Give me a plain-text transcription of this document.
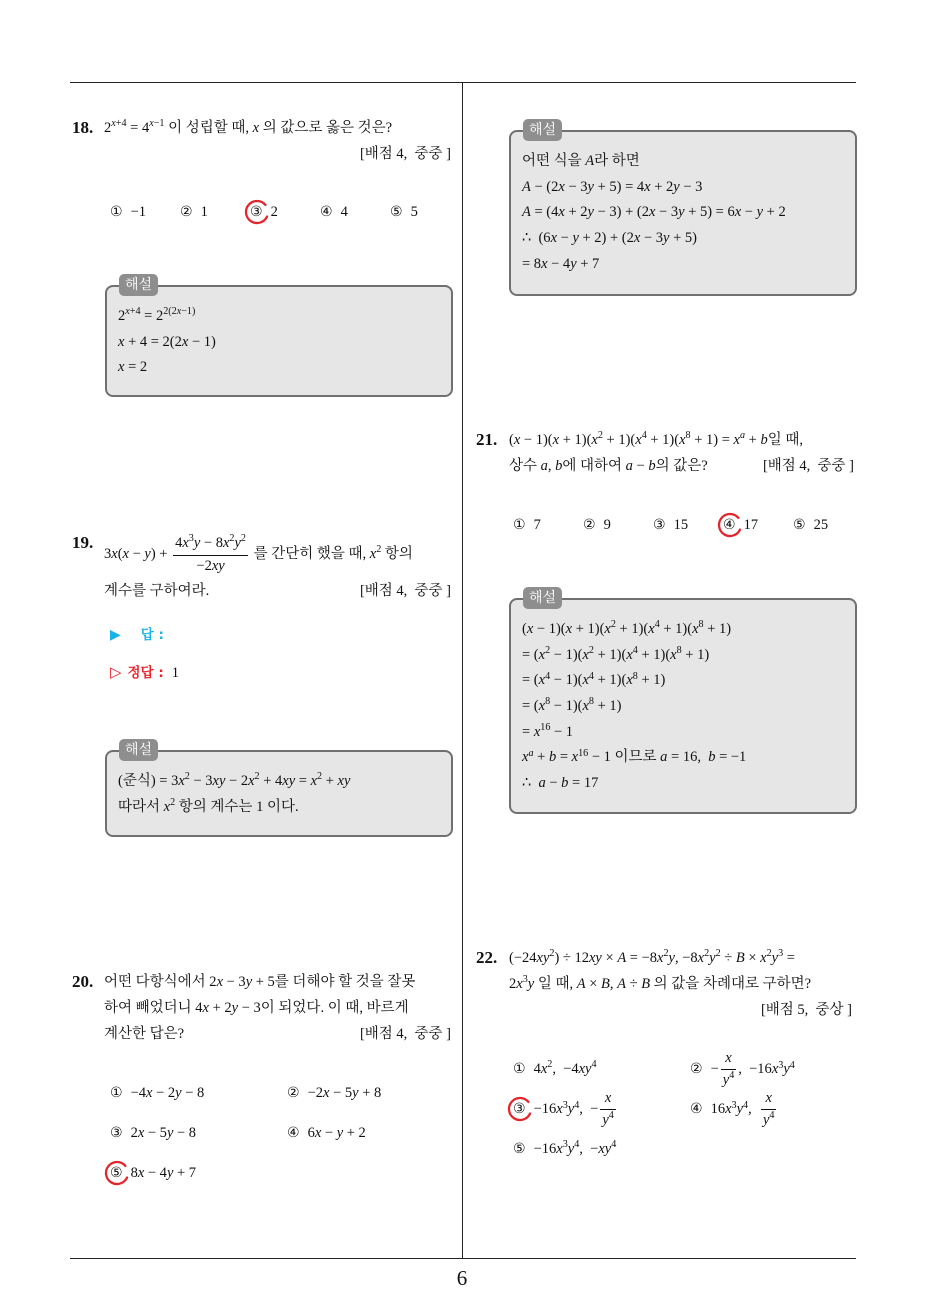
18. $2^{x+4} = 4^{x-1}$ 이 성립할 때, x 의 값으로 옳은 것은?
[배점 4,  중중 ]
① −1	② 1	③ 2	④ 4	⑤ 5
해설
$2^{x+4} = 2^{2(2x-1)}$
x + 4 = 2(2x − 1)
x = 2
19.
$3x(x - y) + \frac{4x^3y - 8x^2y^2}{-2xy}$ 를 간단히 했을 때, $x^2$ 항의
계수를 구하여라.	[배점 4,  중중 ]
▶ 답 :
▷ 정답 : 1
해설
(준식) = $3x^2 - 3xy - 2x^2 + 4xy = x^2$ + xy
따라서 $x^2$ 항의 계수는 1 이다.
20. 어떤 다항식에서 2x − 3y + 5를 더해야 할 것을 잘못
하여 빼었더니 4x + 2y − 3이 되었다. 이 때, 바르게
계산한 답은?	[배점 4,  중중 ]
① −4x − 2y − 8	② −2x − 5y + 8
③ 2x − 5y − 8	④ 6x − y + 2
⑤ 8x − 4y + 7
해설
어떤 식을 A라 하면
A − (2x − 3y + 5) = 4x + 2y − 3
A = (4x + 2y − 3) + (2x − 3y + 5) = 6x − y + 2
∴  (6x − y + 2) + (2x − 3y + 5)
= 8x − 4y + 7
21. $(x - 1)(x + 1)(x^2 + 1)(x^4 + 1)(x^8 + 1) = x^a + b$일 때,
상수 a, b에 대하여 a − b의 값은?	[배점 4,  중중 ]
① 7	② 9	③ 15	④ 17	⑤ 25
해설
$(x - 1)(x + 1)(x^2 + 1)(x^4 + 1)(x^8 + 1)$
= $(x^2 - 1)(x^2 + 1)(x^4 + 1)(x^8 + 1)$
= $(x^4 - 1)(x^4 + 1)(x^8 + 1)$
= $(x^8 - 1)(x^8 + 1)$
= $x^{16} - 1$
$x^a + b = x^{16} - 1$ 이므로 a = 16,  b = −1
∴  a − b = 17
22. $(-24xy^2) \div 12xy \times A = -8x^2y$, $-8x^2y^2 \div B \times x^2y^3$ =
$2x^3y$ 일 때, A × B, A ÷ B 의 값을 차례대로 구하면?
[배점 5,  중상 ]
① $4x^2$,  $-4xy^4$	② − $\frac{x}{y^4}$ ,  $-16x^3y^4$
③ $-16x^3y^4$,  − $\frac{x}{y^4}$	④ $16x^3y^4$, $\frac{x}{y^4}$
⑤ $-16x^3y^4$,  $-xy^4$
6
